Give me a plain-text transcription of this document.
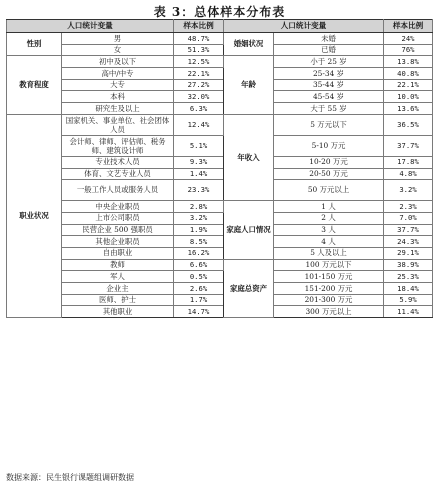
表 3：总体样本分布表
人口统计变量		样本比例	人口统计变量		样本比例
性别	男	48.7%	婚姻状况	未婚	24%
	女	51.3%		已婚	76%
教育程度	初中及以下	12.5%	年龄	小于 25 岁	13.8%
	高中/中专	22.1%		25-34 岁	40.8%
	大专	27.2%		35-44 岁	22.1%
	本科	32.0%		45-54 岁	10.0%
	研究生及以上	6.3%		大于 55 岁	13.6%
职业状况	国家机关、事业单位、社会团体人员	12.4%	年收入	5 万元以下	36.5%
	会计师、律师、评估师、税务师、建筑设计师	5.1%		5-10 万元	37.7%
	专业技术人员	9.3%		10-20 万元	17.8%
	体育、文艺专业人员	1.4%		20-50 万元	4.8%
	一般工作人员或服务人员	23.3%		50 万元以上	3.2%
	中央企业职员	2.8%	家庭人口情况	1 人	2.3%
	上市公司职员	3.2%		2 人	7.0%
	民营企业 500 强职员	1.9%		3 人	37.7%
	其他企业职员	8.5%		4 人	24.3%
	自由职业	16.2%		5 人及以上	29.1%
	教师	6.6%	家庭总资产	100 万元以下	38.9%
	军人	0.5%		101-150 万元	25.3%
	企业主	2.6%		151-200 万元	18.4%
	医师、护士	1.7%		201-300 万元	5.9%
	其他职业	14.7%		300 万元以上	11.4%
数据来源：民生银行课题组调研数据
